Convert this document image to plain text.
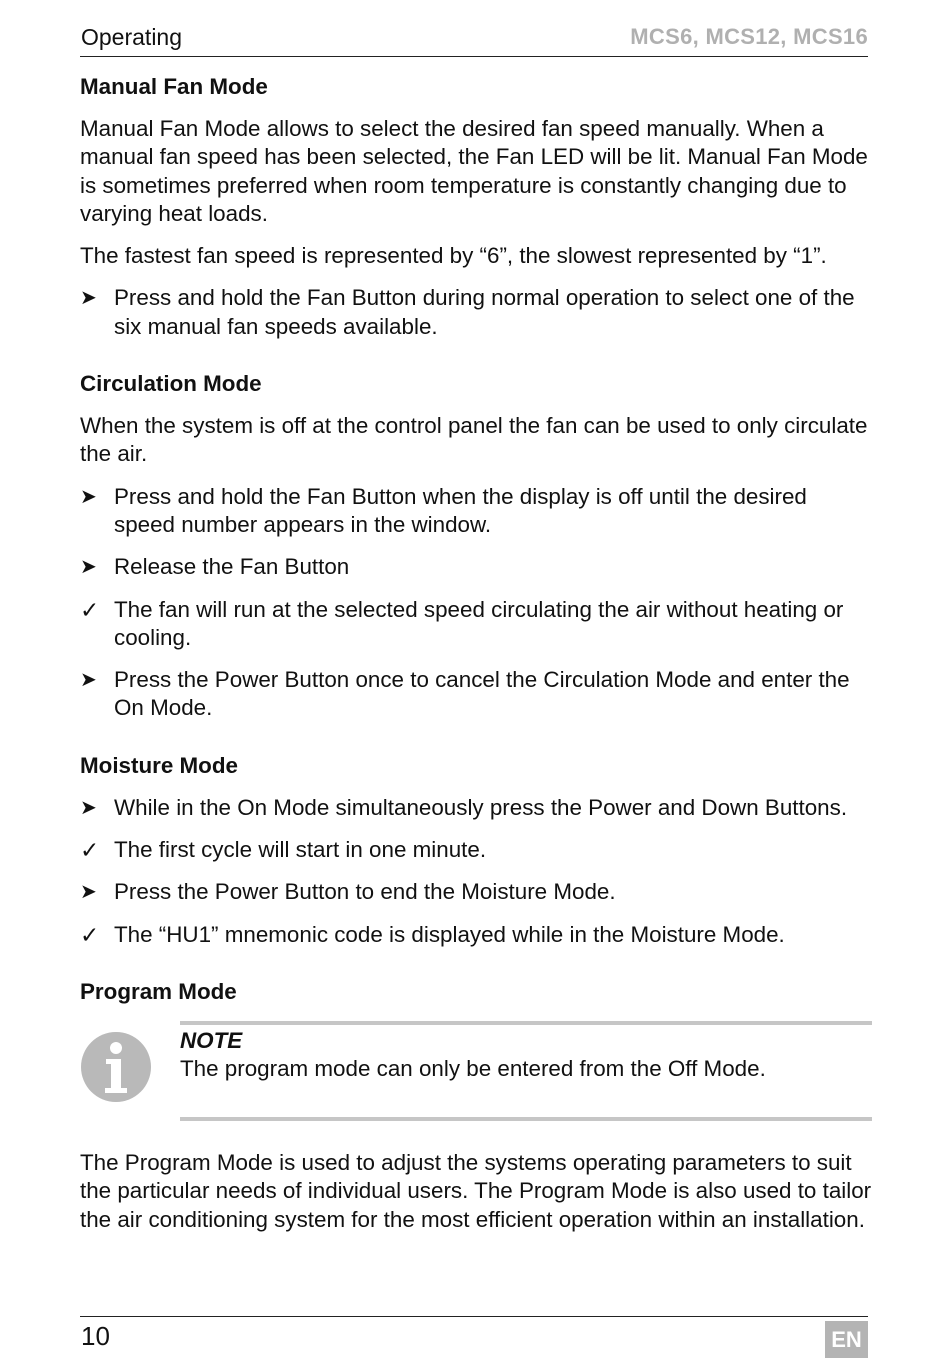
Operating	MCS6, MCS12, MCS16
Manual Fan Mode

Manual Fan Mode allows to select the desired fan speed manually. When a manual fan speed has been selected, the Fan LED will be lit. Manual Fan Mode is sometimes preferred when room temperature is constantly changing due to varying heat loads.

The fastest fan speed is represented by “6”, the slowest represented by “1”.

➤ Press and hold the Fan Button during normal operation to select one of the six manual fan speeds available.
Circulation Mode

When the system is off at the control panel the fan can be used to only circulate the air.

➤ Press and hold the Fan Button when the display is off until the desired speed number appears in the window.
➤ Release the Fan Button
✓ The fan will run at the selected speed circulating the air without heating or cooling.
➤ Press the Power Button once to cancel the Circulation Mode and enter the On Mode.
Moisture Mode
➤ While in the On Mode simultaneously press the Power and Down Buttons.
✓ The first cycle will start in one minute.
➤ Press the Power Button to end the Moisture Mode.
✓ The “HU1” mnemonic code is displayed while in the Moisture Mode.
Program Mode
NOTE
The program mode can only be entered from the Off Mode.

The Program Mode is used to adjust the systems operating parameters to suit the particular needs of individual users. The Program Mode is also used to tailor the air conditioning system for the most efficient operation within an installation.

10	EN
